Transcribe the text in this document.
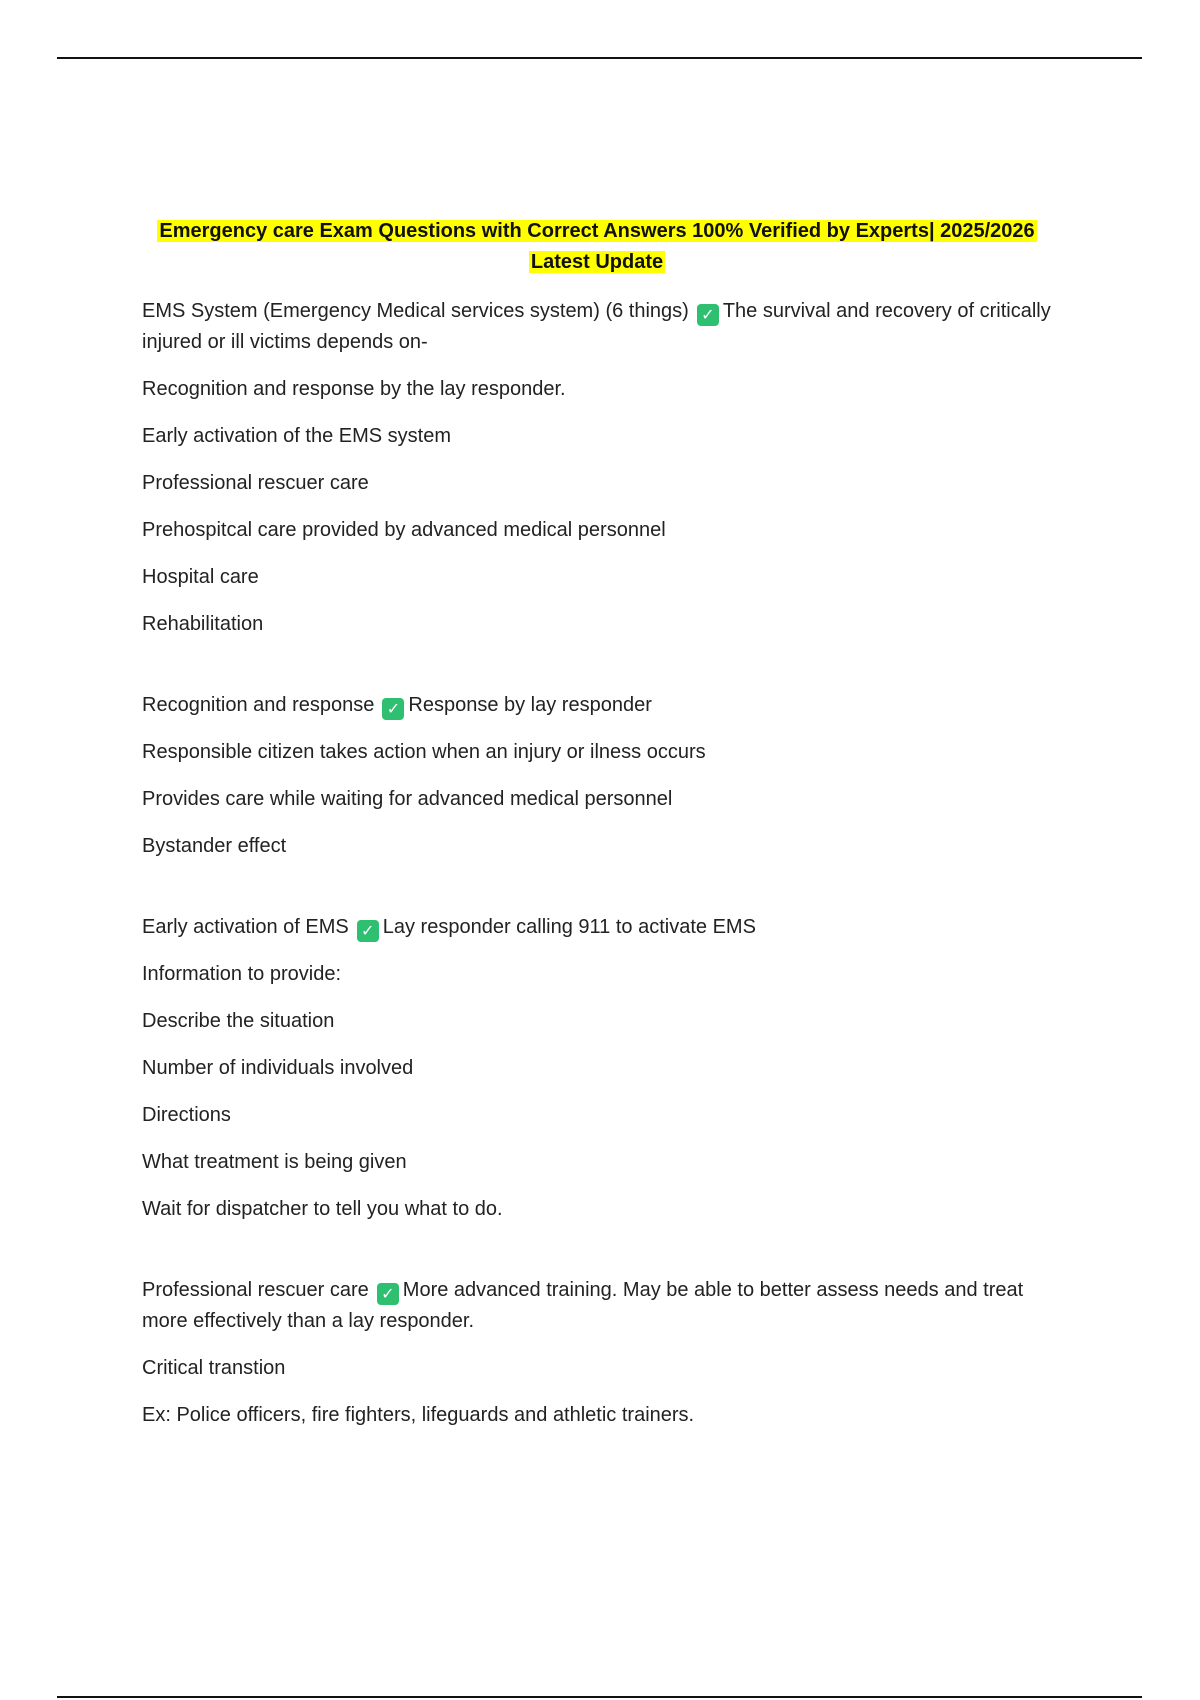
Emergency care Exam Questions with Correct Answers 100% Verified by Experts| 2025/2026 Latest Update
EMS System (Emergency Medical services system) (6 things) ✓ The survival and recovery of critically injured or ill victims depends on-
Recognition and response by the lay responder.
Early activation of the EMS system
Professional rescuer care
Prehospitcal care provided by advanced medical personnel
Hospital care
Rehabilitation
Recognition and response ✓ Response by lay responder
Responsible citizen takes action when an injury or ilness occurs
Provides care while waiting for advanced medical personnel
Bystander effect
Early activation of EMS ✓ Lay responder calling 911 to activate EMS
Information to provide:
Describe the situation
Number of individuals involved
Directions
What treatment is being given
Wait for dispatcher to tell you what to do.
Professional rescuer care ✓ More advanced training. May be able to better assess needs and treat more effectively than a lay responder.
Critical transtion
Ex: Police officers, fire fighters, lifeguards and athletic trainers.
